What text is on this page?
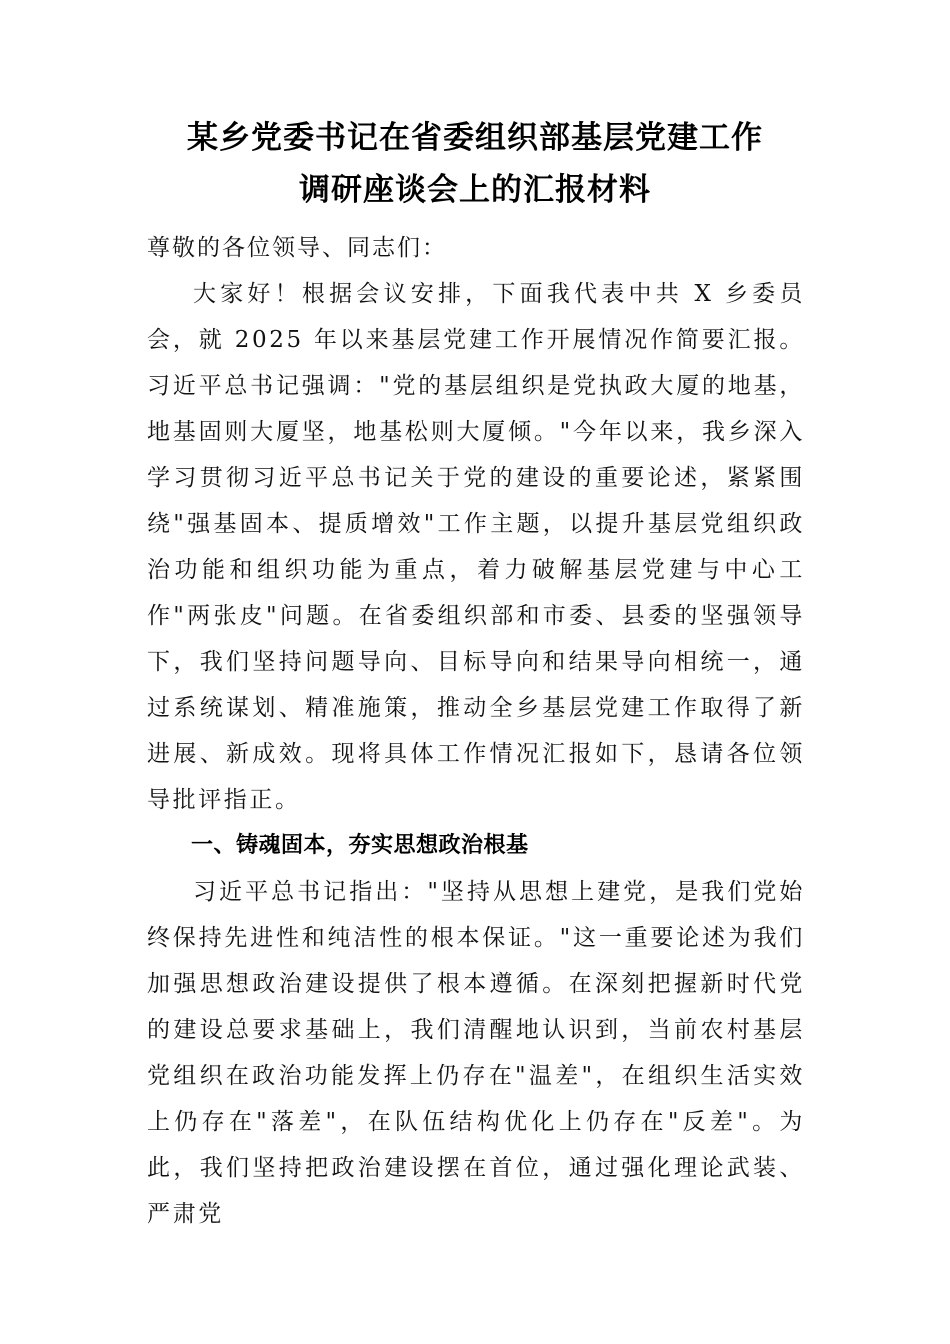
某乡党委书记在省委组织部基层党建工作
调研座谈会上的汇报材料

尊敬的各位领导、同志们：

大家好！根据会议安排，下面我代表中共 X 乡委员会，就 2025 年以来基层党建工作开展情况作简要汇报。习近平总书记强调："党的基层组织是党执政大厦的地基，地基固则大厦坚，地基松则大厦倾。"今年以来，我乡深入学习贯彻习近平总书记关于党的建设的重要论述，紧紧围绕"强基固本、提质增效"工作主题，以提升基层党组织政治功能和组织功能为重点，着力破解基层党建与中心工作"两张皮"问题。在省委组织部和市委、县委的坚强领导下，我们坚持问题导向、目标导向和结果导向相统一，通过系统谋划、精准施策，推动全乡基层党建工作取得了新进展、新成效。现将具体工作情况汇报如下，恳请各位领导批评指正。

一、铸魂固本，夯实思想政治根基

习近平总书记指出："坚持从思想上建党，是我们党始终保持先进性和纯洁性的根本保证。"这一重要论述为我们加强思想政治建设提供了根本遵循。在深刻把握新时代党的建设总要求基础上，我们清醒地认识到，当前农村基层党组织在政治功能发挥上仍存在"温差"，在组织生活实效上仍存在"落差"，在队伍结构优化上仍存在"反差"。为此，我们坚持把政治建设摆在首位，通过强化理论武装、严肃党
